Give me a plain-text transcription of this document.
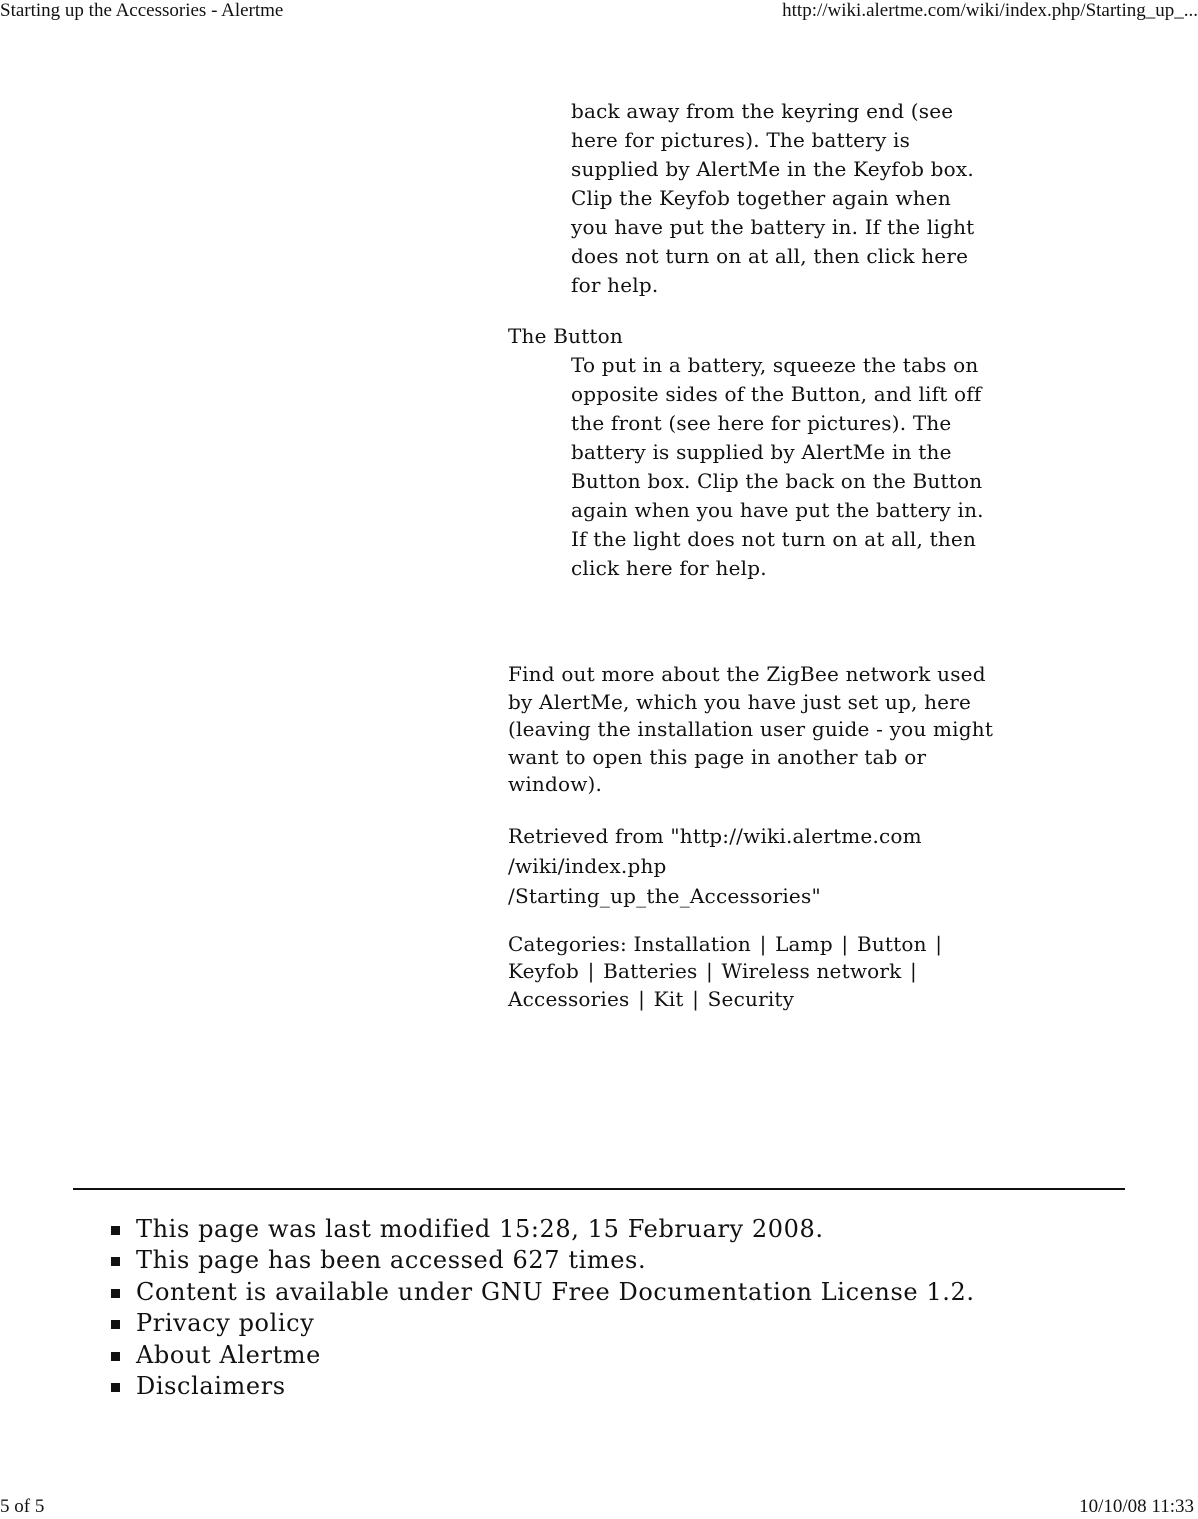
Starting up the Accessories - Alertme	http://wiki.alertme.com/wiki/index.php/Starting_up_...
back away from the keyring end (see here for pictures). The battery is supplied by AlertMe in the Keyfob box. Clip the Keyfob together again when you have put the battery in. If the light does not turn on at all, then click here for help.
The Button
To put in a battery, squeeze the tabs on opposite sides of the Button, and lift off the front (see here for pictures). The battery is supplied by AlertMe in the Button box. Clip the back on the Button again when you have put the battery in. If the light does not turn on at all, then click here for help.

Find out more about the ZigBee network used by AlertMe, which you have just set up, here (leaving the installation user guide - you might want to open this page in another tab or window).

Retrieved from "http://wiki.alertme.com
/wiki/index.php
/Starting_up_the_Accessories"

Categories: Installation | Lamp | Button | Keyfob | Batteries | Wireless network | Accessories | Kit | Security

This page was last modified 15:28, 15 February 2008.
This page has been accessed 627 times.
Content is available under GNU Free Documentation License 1.2.
Privacy policy
About Alertme
Disclaimers
5 of 5	10/10/08 11:33
